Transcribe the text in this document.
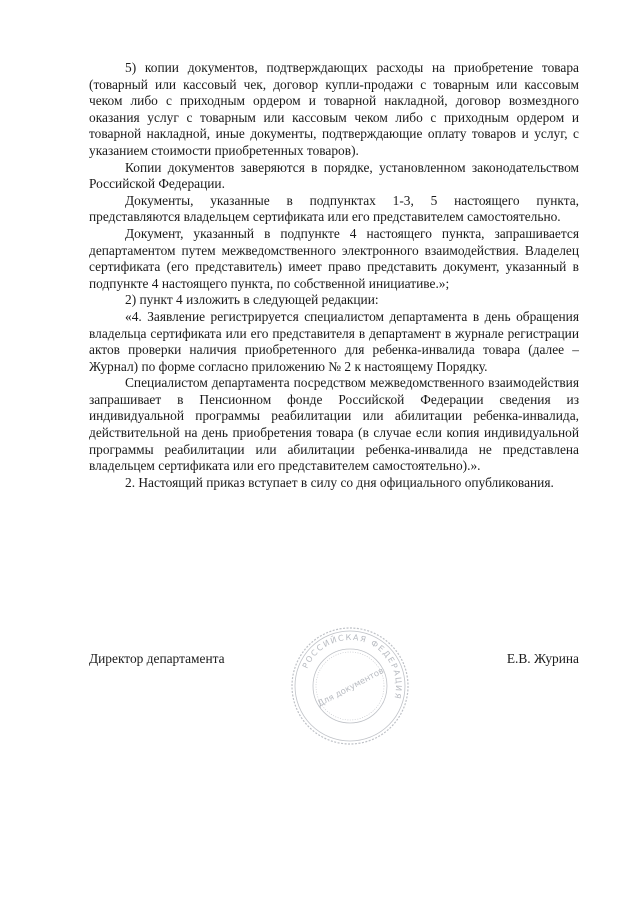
5) копии документов, подтверждающих расходы на приобретение товара (товарный или кассовый чек, договор купли-продажи с товарным или кассовым чеком либо с приходным ордером и товарной накладной, договор возмездного оказания услуг с товарным или кассовым чеком либо с приходным ордером и товарной накладной, иные документы, подтверждающие оплату товаров и услуг, с указанием стоимости приобретенных товаров).

Копии документов заверяются в порядке, установленном законодательством Российской Федерации.

Документы, указанные в подпунктах 1-3, 5 настоящего пункта, представляются владельцем сертификата или его представителем самостоятельно.

Документ, указанный в подпункте 4 настоящего пункта, запрашивается департаментом путем межведомственного электронного взаимодействия. Владелец сертификата (его представитель) имеет право представить документ, указанный в подпункте 4 настоящего пункта, по собственной инициативе.»;

2) пункт 4 изложить в следующей редакции:

«4. Заявление регистрируется специалистом департамента в день обращения владельца сертификата или его представителя в департамент в журнале регистрации актов проверки наличия приобретенного для ребенка-инвалида товара (далее – Журнал) по форме согласно приложению № 2 к настоящему Порядку.

Специалистом департамента посредством межведомственного взаимодействия запрашивает в Пенсионном фонде Российской Федерации сведения из индивидуальной программы реабилитации или абилитации ребенка-инвалида, действительной на день приобретения товара (в случае если копия индивидуальной программы реабилитации или абилитации ребенка-инвалида не представлена владельцем сертификата или его представителем самостоятельно).».

2. Настоящий приказ вступает в силу со дня официального опубликования.

Директор департамента	Е.В. Журина
РОССИЙСКАЯ ФЕДЕРАЦИЯ
Для документов
